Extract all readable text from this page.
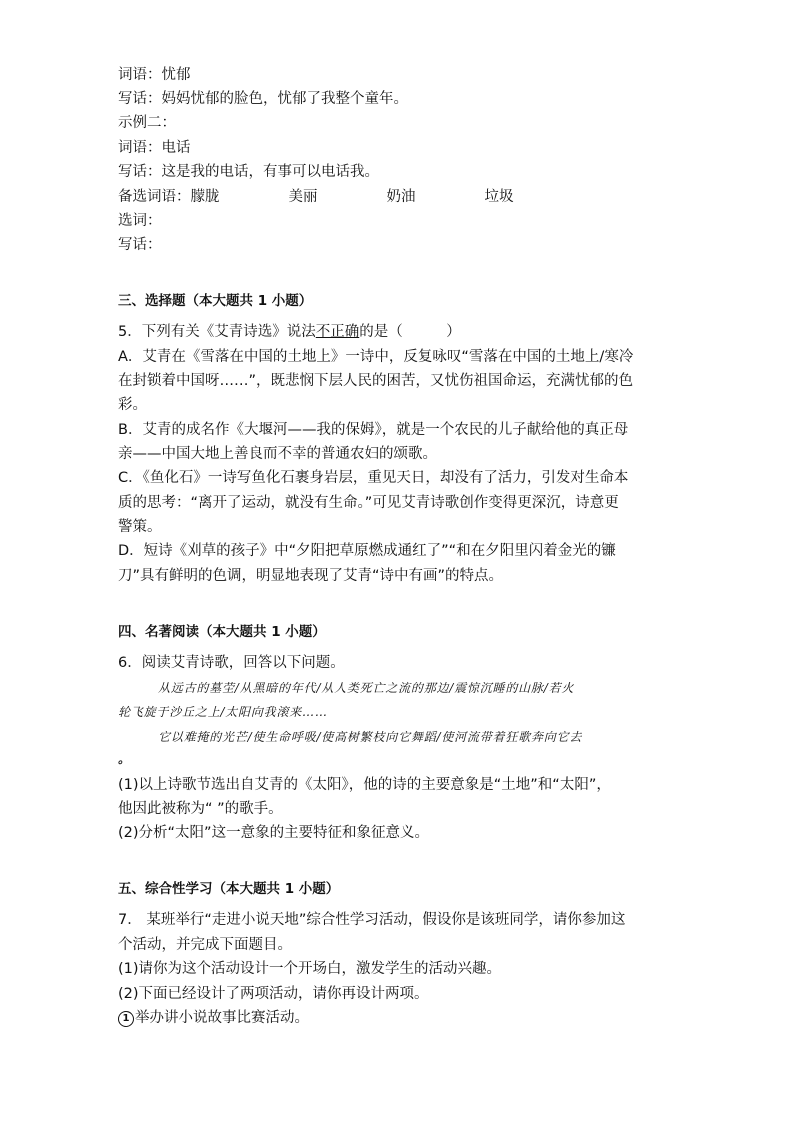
词语：忧郁
写话：妈妈忧郁的脸色，忧郁了我整个童年。
示例二：
词语：电话
写话：这是我的电话，有事可以电话我。
备选词语：朦胧	美丽	奶油	垃圾
选词：
写话：
三、选择题（本大题共 1 小题）
5．下列有关《艾青诗选》说法不正确的是（　　　）
A．艾青在《雪落在中国的土地上》一诗中，反复咏叹“雪落在中国的土地上/寒冷
在封锁着中国呀……”，既悲悯下层人民的困苦，又忧伤祖国命运，充满忧郁的色
彩。
B．艾青的成名作《大堰河——我的保姆》，就是一个农民的儿子献给他的真正母
亲——中国大地上善良而不幸的普通农妇的颂歌。
C．《鱼化石》一诗写鱼化石裹身岩层，重见天日，却没有了活力，引发对生命本
质的思考：“离开了运动，就没有生命。”可见艾青诗歌创作变得更深沉，诗意更
警策。
D．短诗《刈草的孩子》中“夕阳把草原燃成通红了”“和在夕阳里闪着金光的镰
刀”具有鲜明的色调，明显地表现了艾青“诗中有画”的特点。
四、名著阅读（本大题共 1 小题）
6．阅读艾青诗歌，回答以下问题。
从远古的墓茔/从黑暗的年代/从人类死亡之流的那边/震惊沉睡的山脉/若火
轮飞旋于沙丘之上/太阳向我滚来……
它以难掩的光芒/使生命呼吸/使高树繁枝向它舞蹈/使河流带着狂歌奔向它去
。
(1)以上诗歌节选出自艾青的《太阳》，他的诗的主要意象是“土地”和“太阳”，
他因此被称为“ ”的歌手。
(2)分析“太阳”这一意象的主要特征和象征意义。
五、综合性学习（本大题共 1 小题）
7． 某班举行“走进小说天地”综合性学习活动，假设你是该班同学，请你参加这
个活动，并完成下面题目。
(1)请你为这个活动设计一个开场白，激发学生的活动兴趣。
(2)下面已经设计了两项活动，请你再设计两项。
1 举办讲小说故事比赛活动。
